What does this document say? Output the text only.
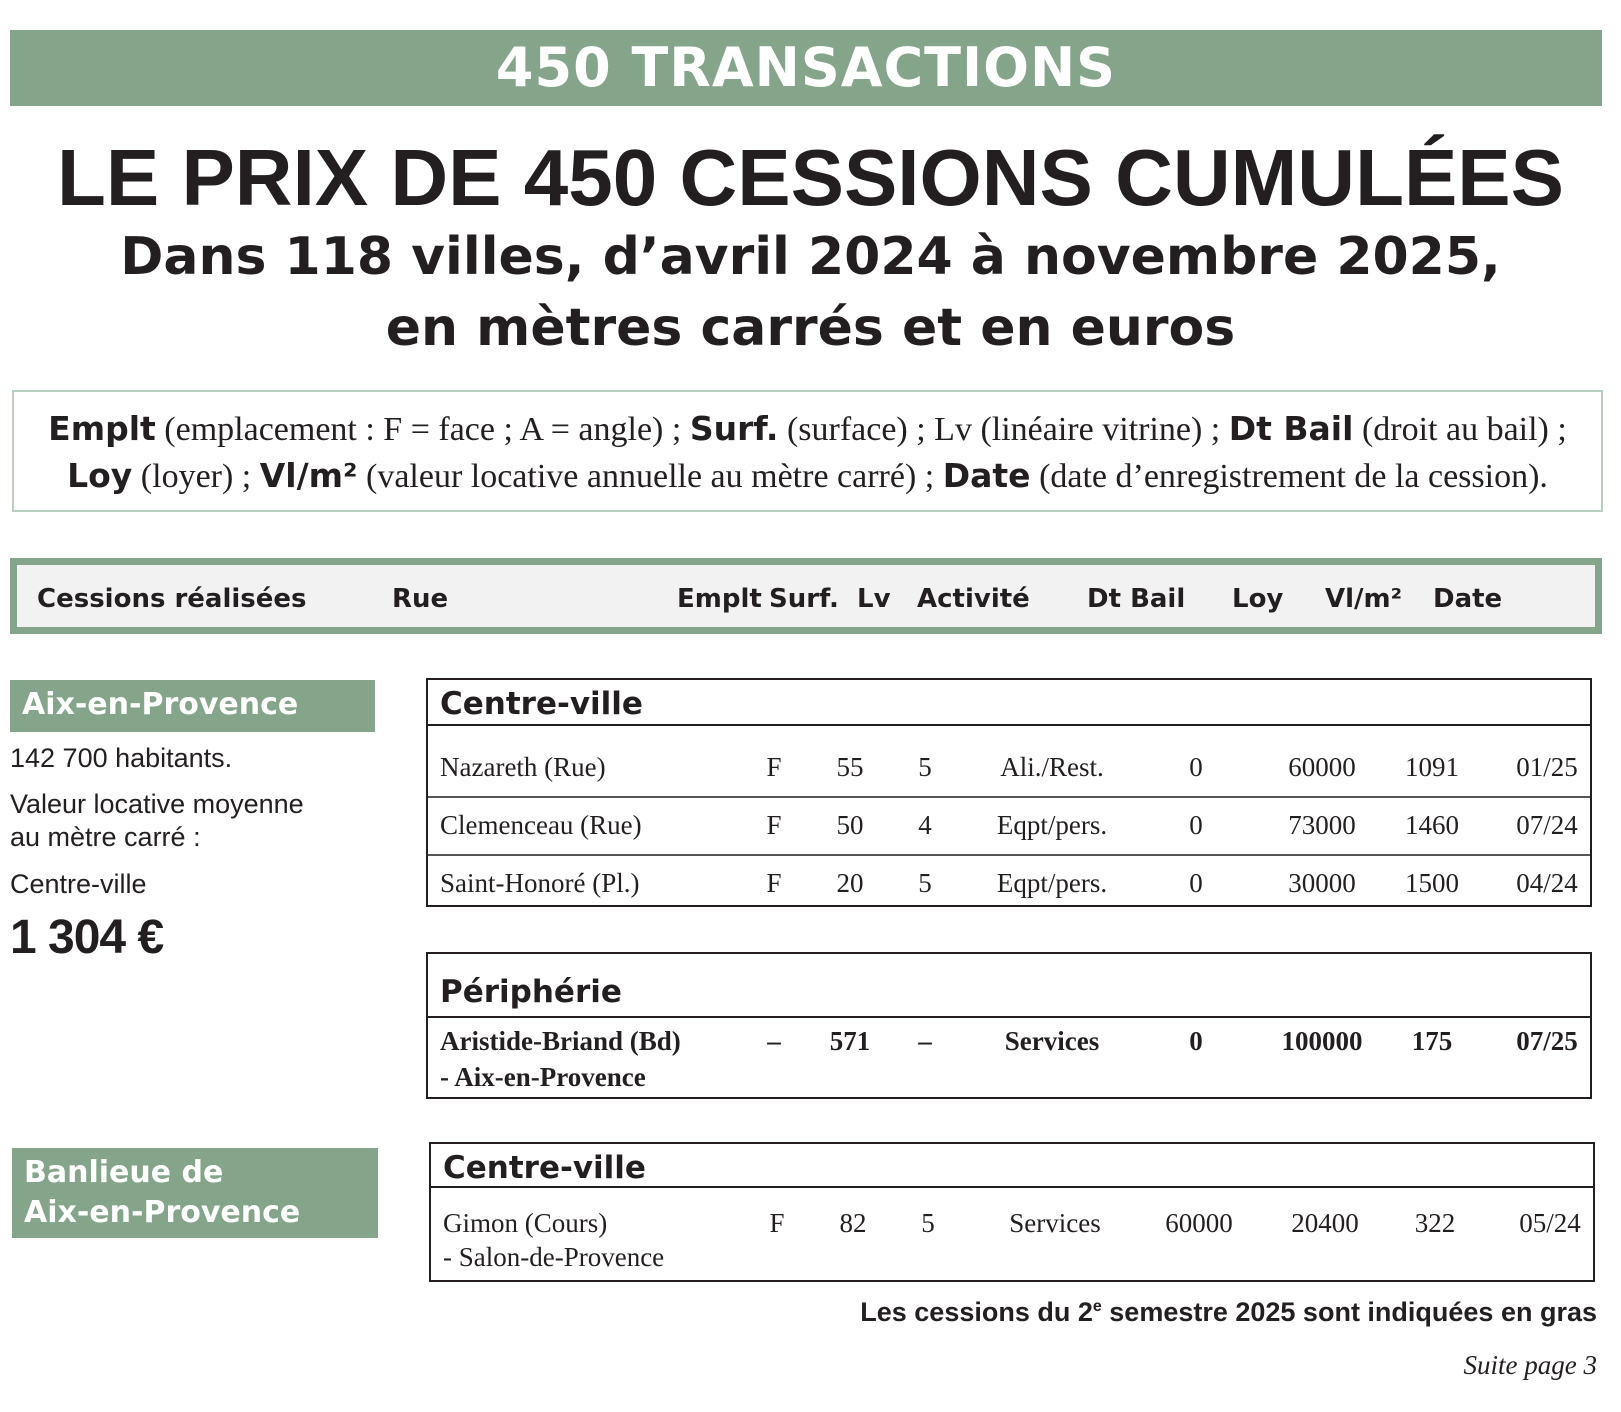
450 TRANSACTIONS
LE PRIX DE 450 CESSIONS CUMULÉES
Dans 118 villes, d’avril 2024 à novembre 2025,
en mètres carrés et en euros
Emplt (emplacement : F = face ; A = angle) ; Surf. (surface) ; Lv (linéaire vitrine) ; Dt Bail (droit au bail) ;
Loy (loyer) ; Vl/m² (valeur locative annuelle au mètre carré) ; Date (date d’enregistrement de la cession).
Cessions réalisées	Rue	Emplt Surf. Lv Activité Dt Bail Loy Vl/m² Date
Aix-en-Provence
142 700 habitants.
Valeur locative moyenne
au mètre carré :
Centre-ville
1 304 €
Centre-ville
Nazareth (Rue)	F 55 5	Ali./Rest.	0	60000 1091 01/25
Clemenceau (Rue)	F 50 4 Eqpt/pers.	0	73000 1460 07/24
Saint-Honoré (Pl.)	F 20 5 Eqpt/pers.	0	30000 1500 04/24
Périphérie
Aristide-Briand (Bd)
- Aix-en-Provence
– 571 –	Services	0	100000 175 07/25
Banlieue de
Aix-en-Provence
Centre-ville
Gimon (Cours)
- Salon-de-Provence
F 82 5	Services 60000 20400 322 05/24
Les cessions du 2e semestre 2025 sont indiquées en gras
Suite page 3
